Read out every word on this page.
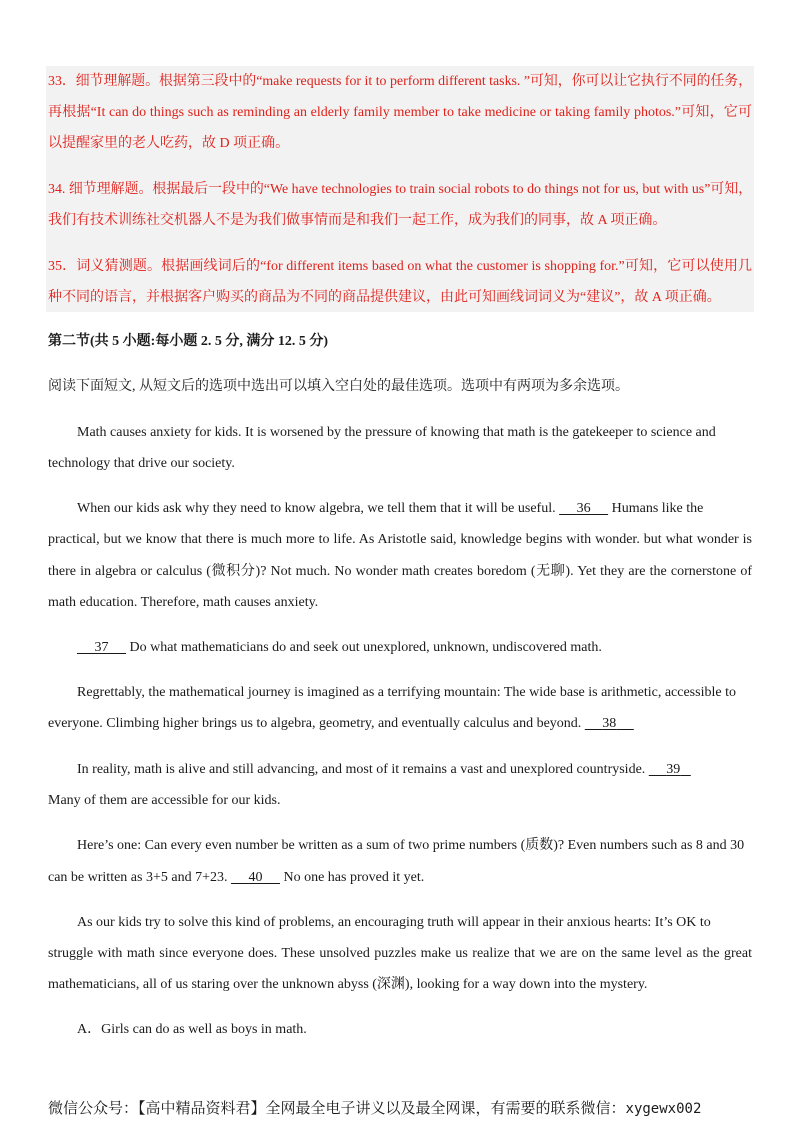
33．细节理解题。根据第三段中的“make requests for it to perform different tasks. ”可知，你可以让它执行不同的任务，
再根据“It can do things such as reminding an elderly family member to take medicine or taking family photos.”可知，它可
以提醒家里的老人吃药，故 D 项正确。
34. 细节理解题。根据最后一段中的“We have technologies to train social robots to do things not for us, but with us”可知，
我们有技术训练社交机器人不是为我们做事情而是和我们一起工作，成为我们的同事，故 A 项正确。
35．词义猜测题。根据画线词后的“for different items based on what the customer is shopping for.”可知，它可以使用几
种不同的语言，并根据客户购买的商品为不同的商品提供建议，由此可知画线词词义为“建议”，故 A 项正确。
第二节(共 5 小题:每小题 2. 5 分, 满分 12. 5 分)
阅读下面短文, 从短文后的选项中选出可以填入空白处的最佳选项。选项中有两项为多余选项。
Math causes anxiety for kids. It is worsened by the pressure of knowing that math is the gatekeeper to science and
technology that drive our society.
When our kids ask why they need to know algebra, we tell them that it will be useful.      36      Humans like the
practical, but we know that there is much more to life. As Aristotle said, knowledge begins with wonder. but what wonder is
there in algebra or calculus (微积分)? Not much. No wonder math creates boredom (无聊). Yet they are the cornerstone of
math education. Therefore, math causes anxiety.
37      Do what mathematicians do and seek out unexplored, unknown, undiscovered math.
Regrettably, the mathematical journey is imagined as a terrifying mountain: The wide base is arithmetic, accessible to
everyone. Climbing higher brings us to algebra, geometry, and eventually calculus and beyond.      38
In reality, math is alive and still advancing, and most of it remains a vast and unexplored countryside.      39
Many of them are accessible for our kids.
Here’s one: Can every even number be written as a sum of two prime numbers (质数)? Even numbers such as 8 and 30
can be written as 3+5 and 7+23.      40      No one has proved it yet.
As our kids try to solve this kind of problems, an encouraging truth will appear in their anxious hearts: It’s OK to
struggle with math since everyone does. These unsolved puzzles make us realize that we are on the same level as the great
mathematicians, all of us staring over the unknown abyss (深渊), looking for a way down into the mystery.
A．Girls can do as well as boys in math.
微信公众号：【高中精品资料君】全网最全电子讲义以及最全网课，有需要的联系微信：xygewx002
